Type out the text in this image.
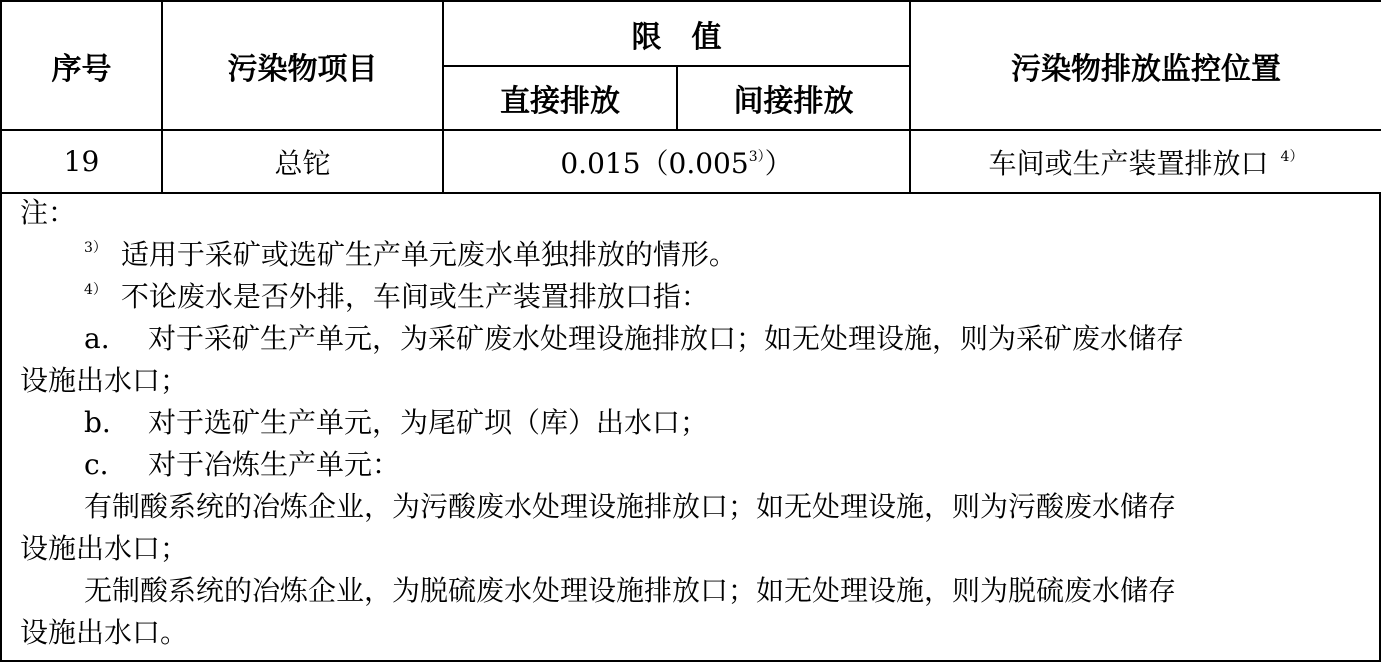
序号	污染物项目	限　值		污染物排放监控位置
		直接排放	间接排放	
19	总铊	$0.015(0.005^{3)})$		车间或生产装置排放口 $^{4)}$
注：
$^{3)}$ 适用于采矿或选矿生产单元废水单独排放的情形。
$^{4)}$ 不论废水是否外排，车间或生产装置排放口指：
a. 对于采矿生产单元，为采矿废水处理设施排放口；如无处理设施，则为采矿废水储存
设施出水口；
b. 对于选矿生产单元，为尾矿坝（库）出水口；
c. 对于冶炼生产单元：
有制酸系统的冶炼企业，为污酸废水处理设施排放口；如无处理设施，则为污酸废水储存
设施出水口；
无制酸系统的冶炼企业，为脱硫废水处理设施排放口；如无处理设施，则为脱硫废水储存
设施出水口。
